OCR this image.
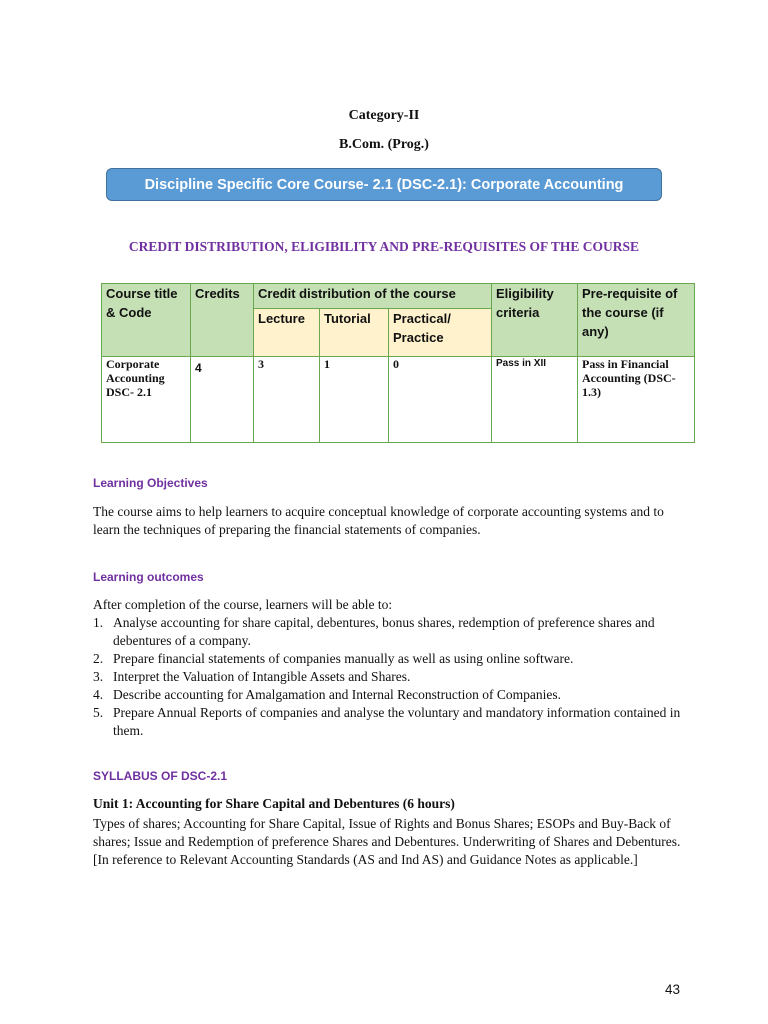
Category-II
B.Com. (Prog.)
Discipline Specific Core Course- 2.1 (DSC-2.1): Corporate Accounting
CREDIT DISTRIBUTION, ELIGIBILITY AND PRE-REQUISITES OF THE COURSE
Course title & Code	Credits	Credit distribution of the course			Eligibility criteria	Pre-requisite of the course (if any)
		Lecture	Tutorial	Practical/ Practice		
Corporate Accounting DSC- 2.1	4	3	1	0	Pass in XII	Pass in Financial Accounting (DSC- 1.3)
Learning Objectives
The course aims to help learners to acquire conceptual knowledge of corporate accounting systems and to learn the techniques of preparing the financial statements of companies.
Learning outcomes
After completion of the course, learners will be able to:
1. Analyse accounting for share capital, debentures, bonus shares, redemption of preference shares and debentures of a company.
2. Prepare financial statements of companies manually as well as using online software.
3. Interpret the Valuation of Intangible Assets and Shares.
4. Describe accounting for Amalgamation and Internal Reconstruction of Companies.
5. Prepare Annual Reports of companies and analyse the voluntary and mandatory information contained in them.
SYLLABUS OF DSC-2.1
Unit 1: Accounting for Share Capital and Debentures (6 hours)
Types of shares; Accounting for Share Capital, Issue of Rights and Bonus Shares; ESOPs and Buy-Back of shares; Issue and Redemption of preference Shares and Debentures. Underwriting of Shares and Debentures. [In reference to Relevant Accounting Standards (AS and Ind AS) and Guidance Notes as applicable.]
43
